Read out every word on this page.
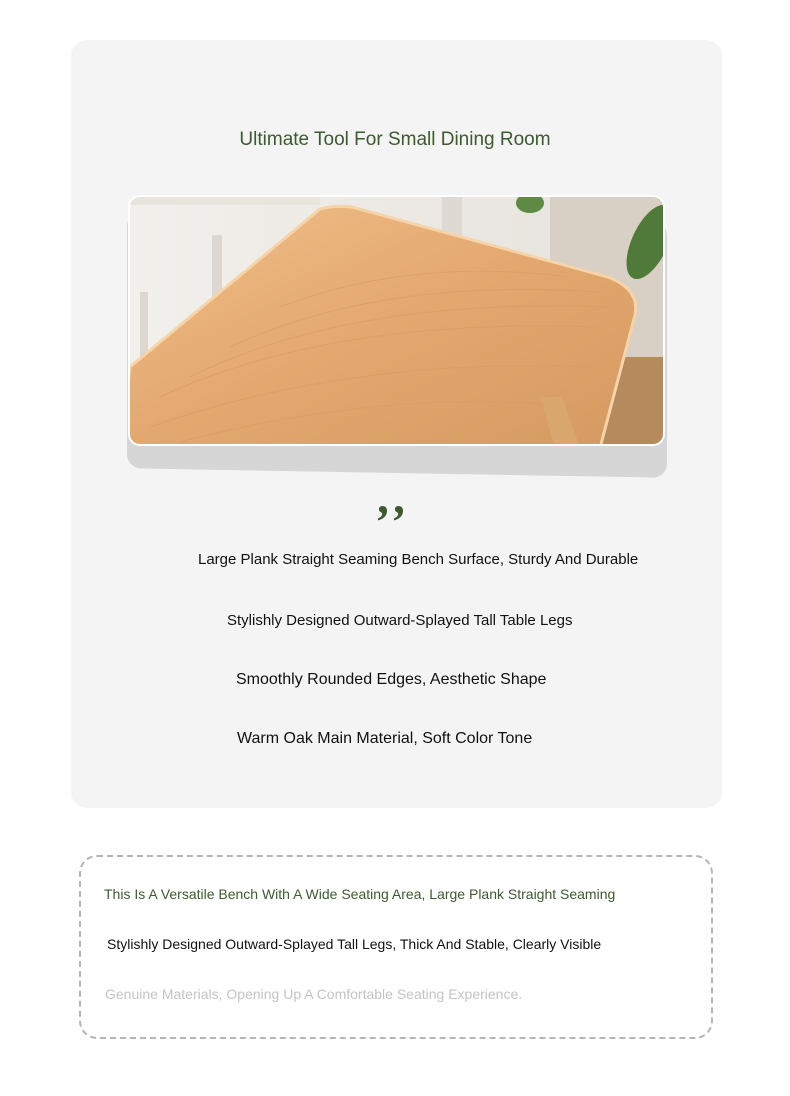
Ultimate Tool For Small Dining Room
,,
Large Plank Straight Seaming Bench Surface, Sturdy And Durable
Stylishly Designed Outward-Splayed Tall Table Legs
Smoothly Rounded Edges, Aesthetic Shape
Warm Oak Main Material, Soft Color Tone
This Is A Versatile Bench With A Wide Seating Area, Large Plank Straight Seaming
Stylishly Designed Outward-Splayed Tall Legs, Thick And Stable, Clearly Visible
Genuine Materials, Opening Up A Comfortable Seating Experience.
